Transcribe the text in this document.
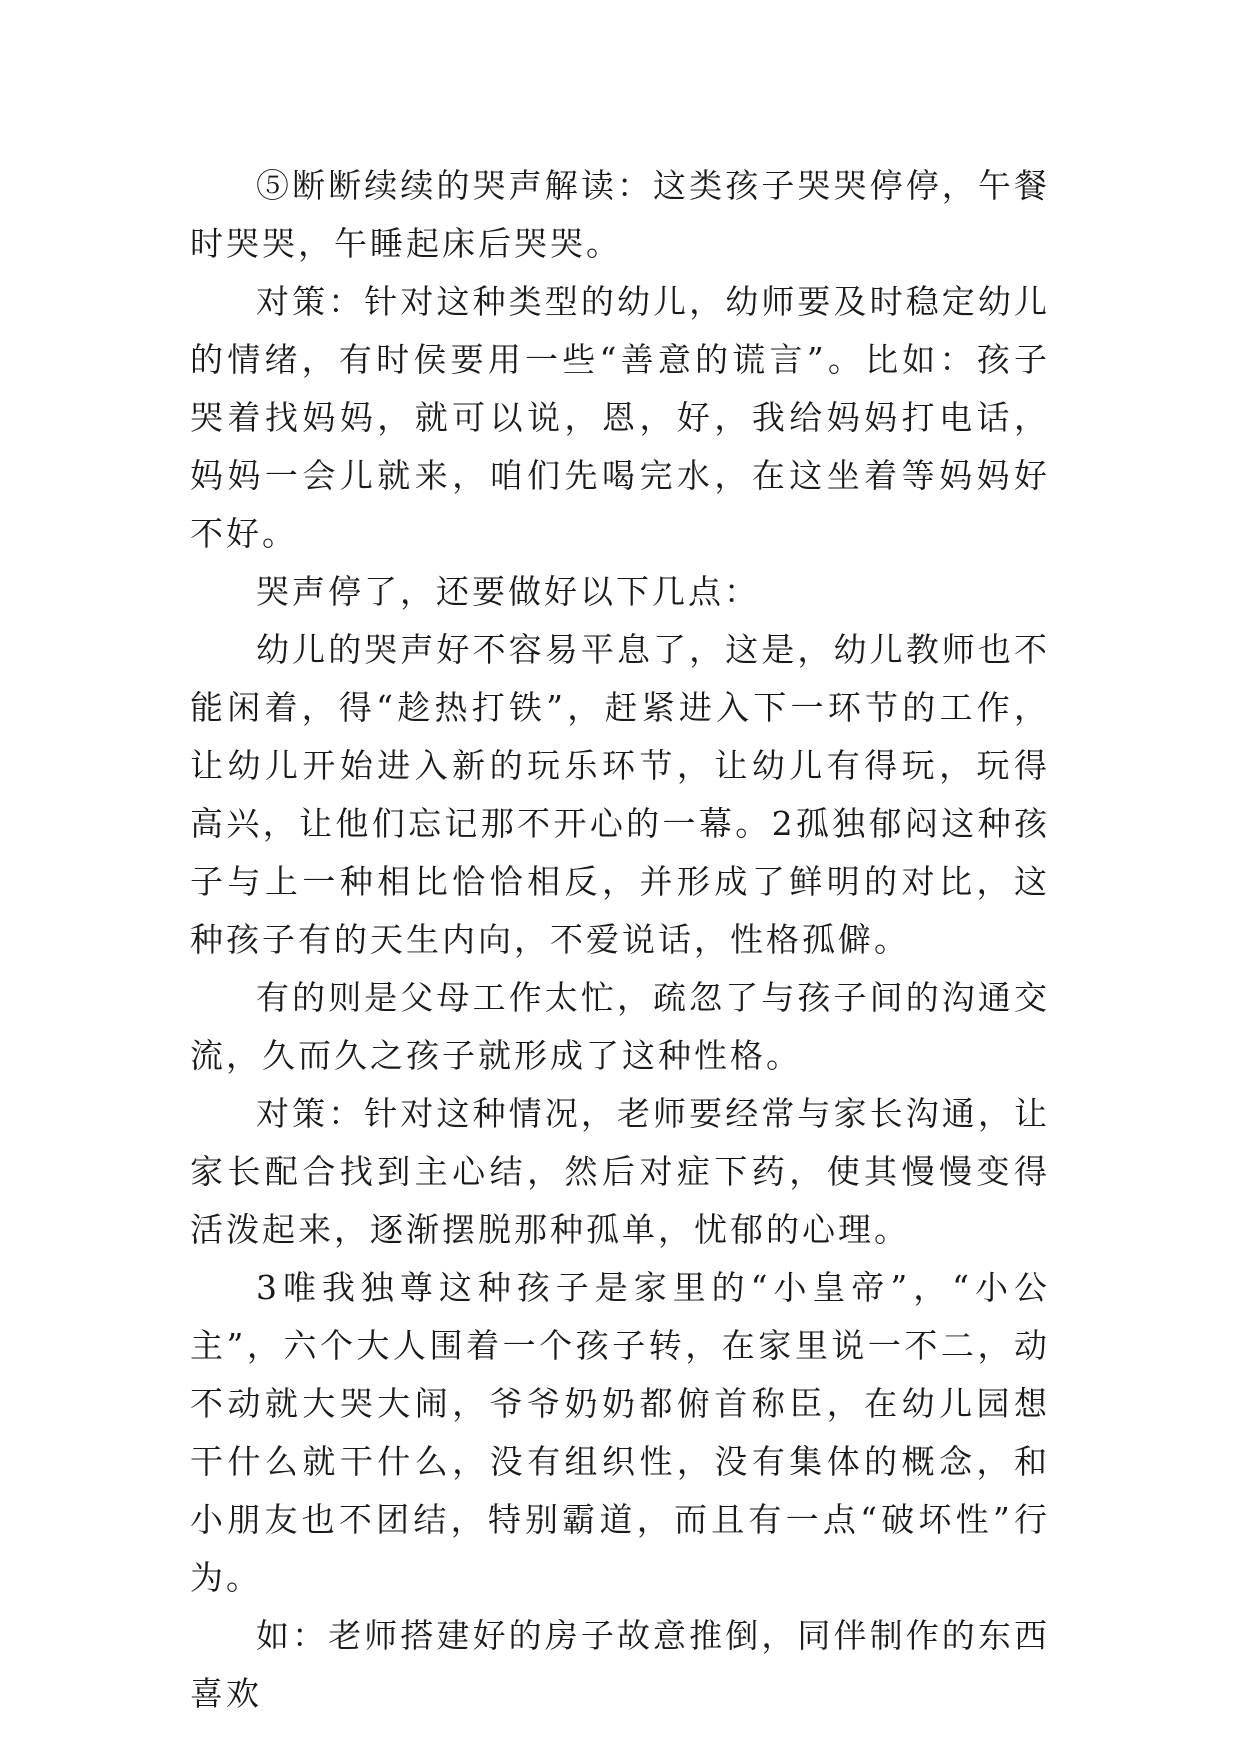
⑤断断续续的哭声解读：这类孩子哭哭停停，午餐时哭哭，午睡起床后哭哭。

对策：针对这种类型的幼儿，幼师要及时稳定幼儿的情绪，有时侯要用一些“善意的谎言”。比如：孩子哭着找妈妈，就可以说，恩，好，我给妈妈打电话，妈妈一会儿就来，咱们先喝完水，在这坐着等妈妈好不好。

哭声停了，还要做好以下几点：

幼儿的哭声好不容易平息了，这是，幼儿教师也不能闲着，得“趁热打铁”，赶紧进入下一环节的工作，让幼儿开始进入新的玩乐环节，让幼儿有得玩，玩得高兴，让他们忘记那不开心的一幕。2孤独郁闷这种孩子与上一种相比恰恰相反，并形成了鲜明的对比，这种孩子有的天生内向，不爱说话，性格孤僻。

有的则是父母工作太忙，疏忽了与孩子间的沟通交流，久而久之孩子就形成了这种性格。

对策：针对这种情况，老师要经常与家长沟通，让家长配合找到主心结，然后对症下药，使其慢慢变得活泼起来，逐渐摆脱那种孤单，忧郁的心理。

3唯我独尊这种孩子是家里的“小皇帝”，“小公主”，六个大人围着一个孩子转，在家里说一不二，动不动就大哭大闹，爷爷奶奶都俯首称臣，在幼儿园想干什么就干什么，没有组织性，没有集体的概念，和小朋友也不团结，特别霸道，而且有一点“破坏性”行为。

如：老师搭建好的房子故意推倒，同伴制作的东西喜欢
